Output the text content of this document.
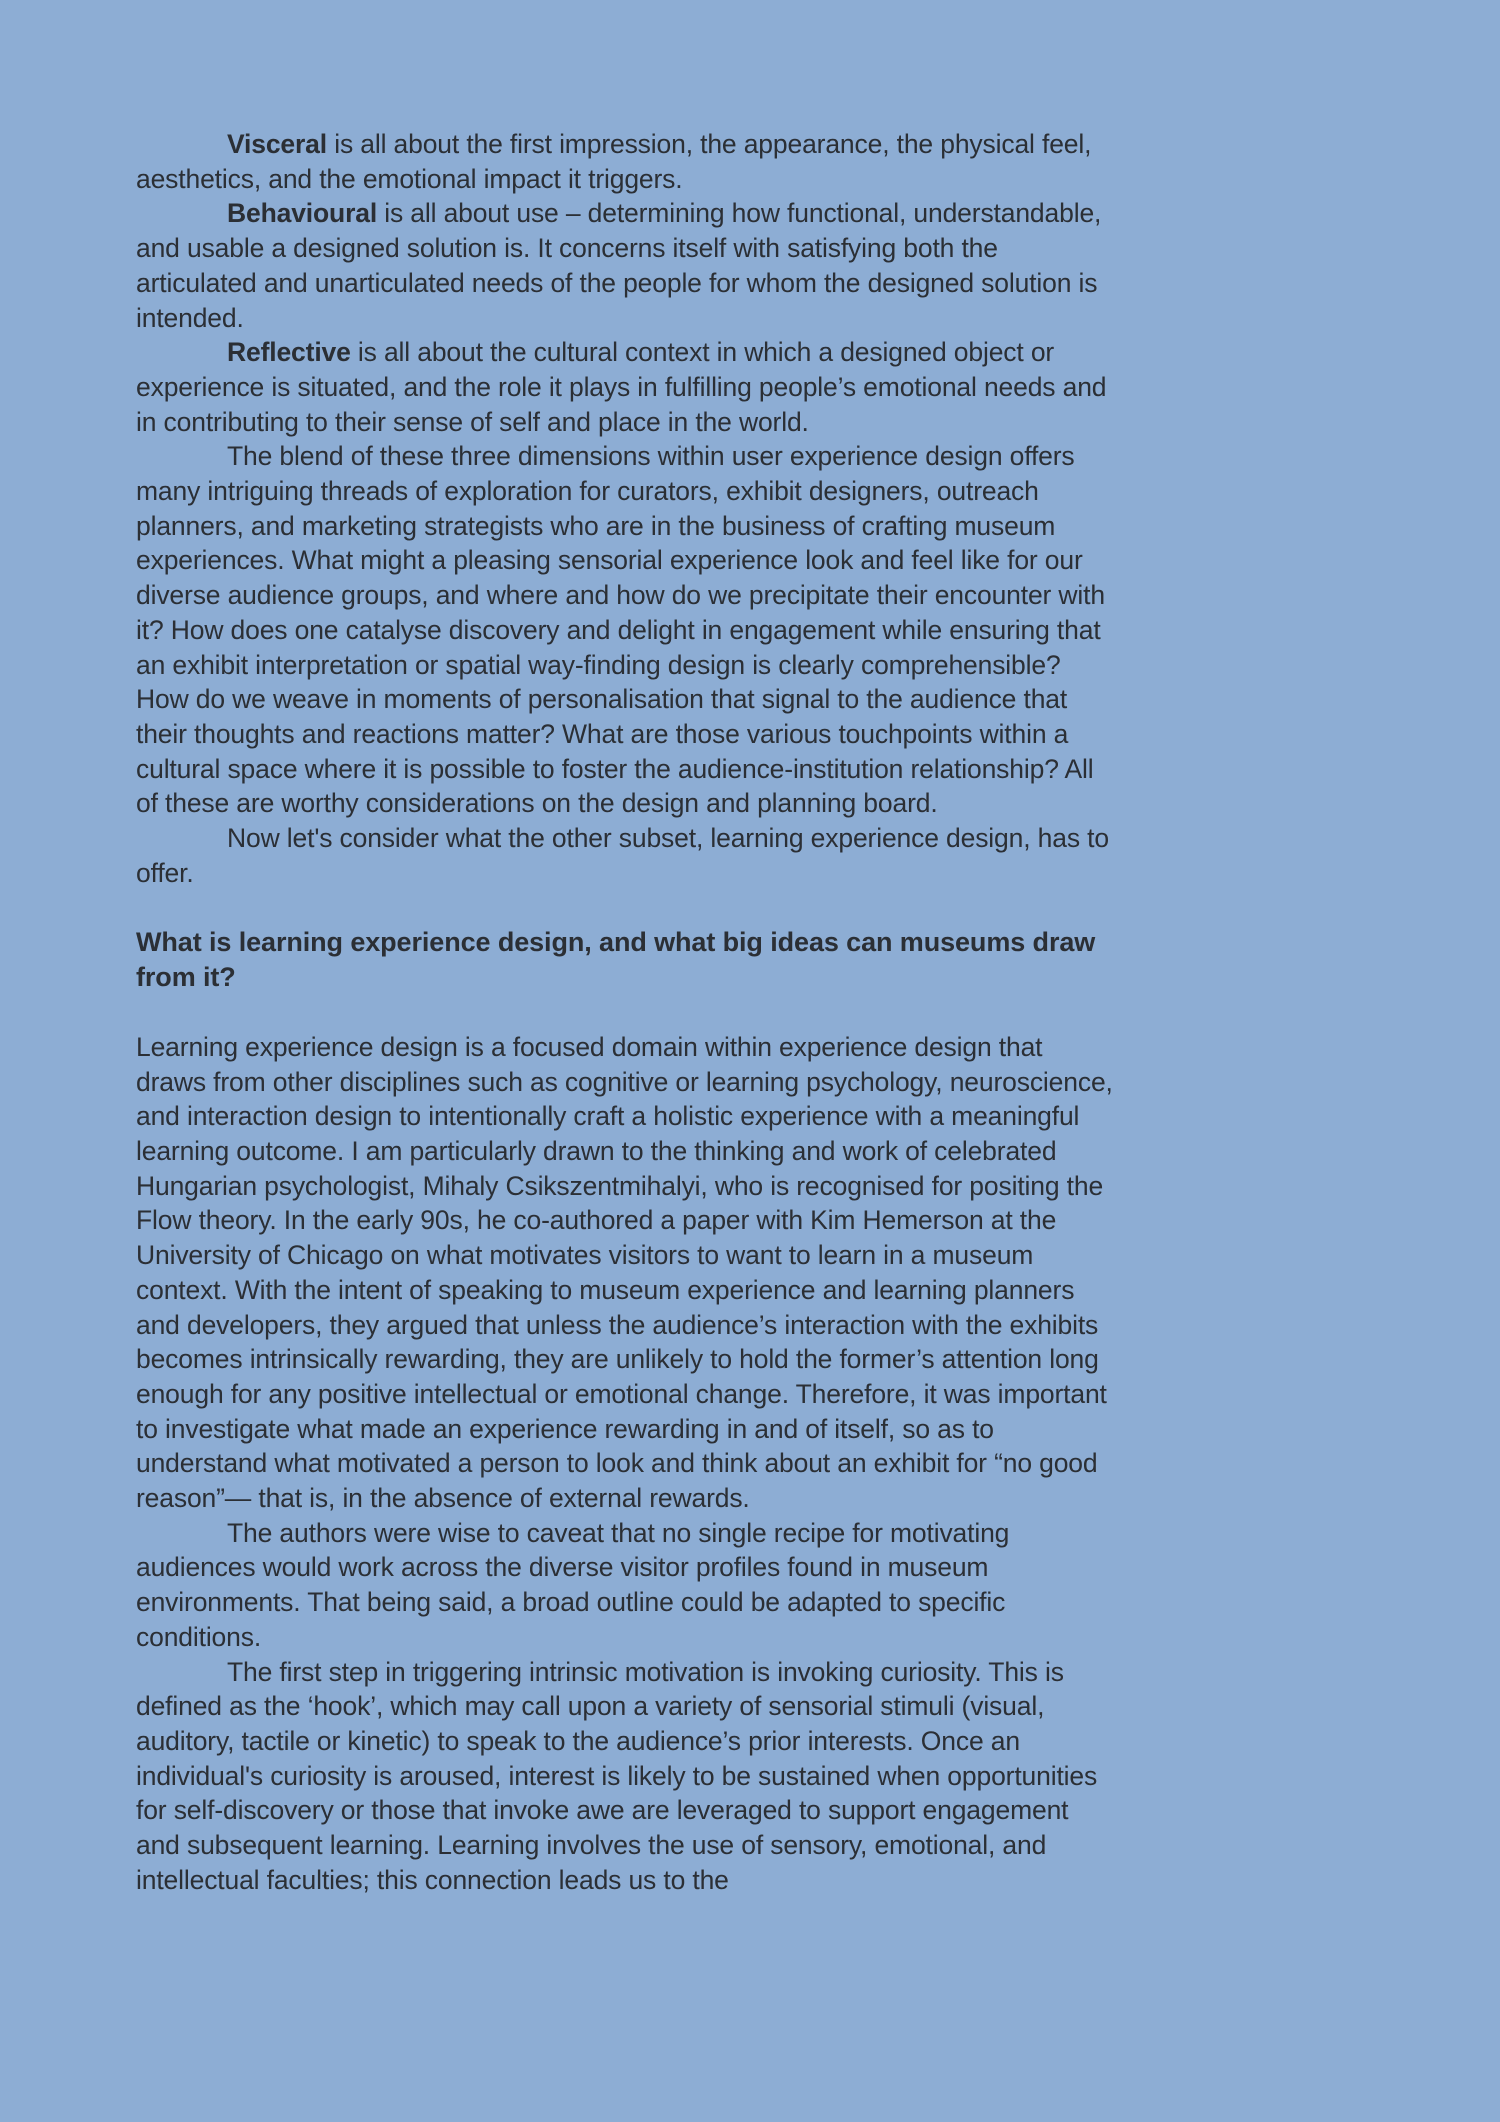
Visceral is all about the first impression, the appearance, the physical feel, aesthetics, and the emotional impact it triggers.

Behavioural is all about use – determining how functional, understandable, and usable a designed solution is. It concerns itself with satisfying both the articulated and unarticulated needs of the people for whom the designed solution is intended.

Reflective is all about the cultural context in which a designed object or experience is situated, and the role it plays in fulfilling people’s emotional needs and in contributing to their sense of self and place in the world.

The blend of these three dimensions within user experience design offers many intriguing threads of exploration for curators, exhibit designers, outreach planners, and marketing strategists who are in the business of crafting museum experiences. What might a pleasing sensorial experience look and feel like for our diverse audience groups, and where and how do we precipitate their encounter with it? How does one catalyse discovery and delight in engagement while ensuring that an exhibit interpretation or spatial way-finding design is clearly comprehensible? How do we weave in moments of personalisation that signal to the audience that their thoughts and reactions matter? What are those various touchpoints within a cultural space where it is possible to foster the audience-institution relationship? All of these are worthy considerations on the design and planning board.

Now let's consider what the other subset, learning experience design, has to offer.

What is learning experience design, and what big ideas can museums draw from it?

Learning experience design is a focused domain within experience design that draws from other disciplines such as cognitive or learning psychology, neuroscience, and interaction design to intentionally craft a holistic experience with a meaningful learning outcome. I am particularly drawn to the thinking and work of celebrated Hungarian psychologist, Mihaly Csikszentmihalyi, who is recognised for positing the Flow theory. In the early 90s, he co-authored a paper with Kim Hemerson at the University of Chicago on what motivates visitors to want to learn in a museum context. With the intent of speaking to museum experience and learning planners and developers, they argued that unless the audience’s interaction with the exhibits becomes intrinsically rewarding, they are unlikely to hold the former’s attention long enough for any positive intellectual or emotional change. Therefore, it was important to investigate what made an experience rewarding in and of itself, so as to understand what motivated a person to look and think about an exhibit for “no good reason”— that is, in the absence of external rewards.

The authors were wise to caveat that no single recipe for motivating audiences would work across the diverse visitor profiles found in museum environments. That being said, a broad outline could be adapted to specific conditions.

The first step in triggering intrinsic motivation is invoking curiosity. This is defined as the ‘hook’, which may call upon a variety of sensorial stimuli (visual, auditory, tactile or kinetic) to speak to the audience’s prior interests. Once an individual's curiosity is aroused, interest is likely to be sustained when opportunities for self-discovery or those that invoke awe are leveraged to support engagement and subsequent learning. Learning involves the use of sensory, emotional, and intellectual faculties; this connection leads us to the
